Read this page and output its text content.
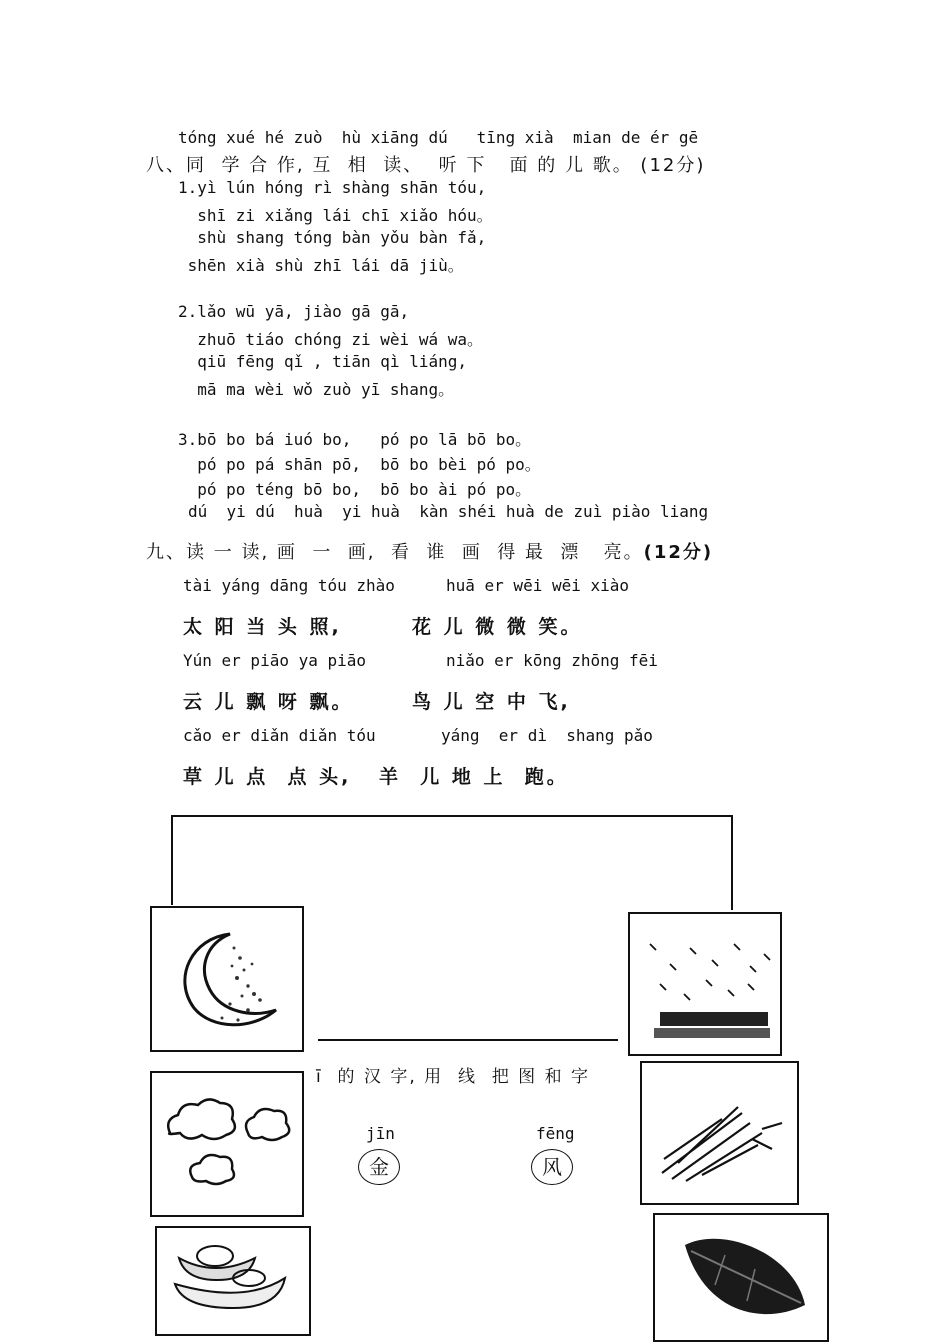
tóng xué hé zuò  hù xiāng dú   tīng xià  mian de ér gē
八、同  学 合 作, 互  相  读、  听 下   面 的 儿 歌。 (12分)
1.yì lún hóng rì shàng shān tóu,
shī zi xiǎng lái chī xiǎo hóu。
shù shang tóng bàn yǒu bàn fǎ,
shēn xià shù zhī lái dā jiù。
2.lǎo wū yā, jiào gā gā,
zhuō tiáo chóng zi wèi wá wa。
qiū fēng qǐ , tiān qì liáng,
mā ma wèi wǒ zuò yī shang。
3.bō bo bá iuó bo,   pó po lā bō bo。
pó po pá shān pō,  bō bo bèi pó po。
pó po téng bō bo,  bō bo ài pó po。
dú  yi dú  huà  yi huà  kàn shéi huà de zuì piào liang
九、读 一 读, 画  一  画,  看  谁  画  得 最  漂   亮。(12分)
tài yáng dāng tóu zhào	huā er wēi wēi xiào
太 阳 当 头 照,	花 儿 微 微 笑。
Yún er piāo ya piāo	niǎo er kōng zhōng fēi
云 儿 飘 呀 飘。	鸟 儿 空 中 飞,
cǎo er diǎn diǎn tóu	yáng  er dì  shang pǎo
草 儿 点  点 头, 羊  儿 地 上  跑。
ī  的 汉 字, 用  线  把 图 和 字
jīn
金
fēng
风
